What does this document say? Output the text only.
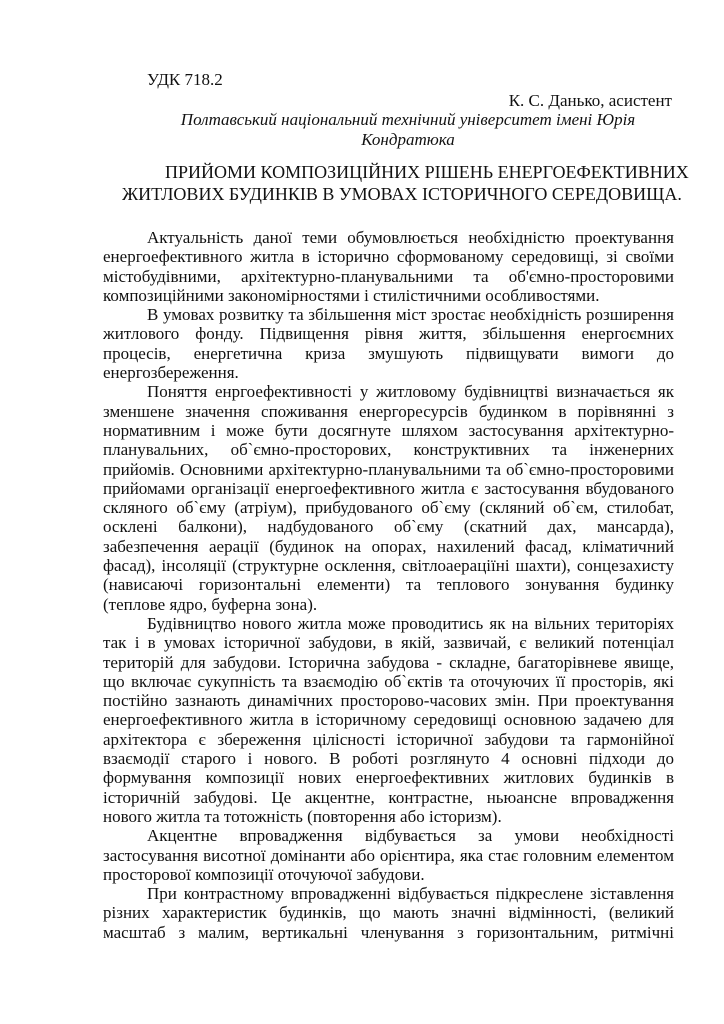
УДК 718.2
К. С. Данько, асистент
Полтавський національний технічний університет імені Юрія
Кондратюка
ПРИЙОМИ КОМПОЗИЦІЙНИХ РІШЕНЬ ЕНЕРГОЕФЕКТИВНИХ
ЖИТЛОВИХ БУДИНКІВ В УМОВАХ ІСТОРИЧНОГО СЕРЕДОВИЩА.
Актуальність даної теми обумовлюється необхідністю проектування
енергоефективного житла в історично сформованому середовищі, зі своїми
містобудівними, архітектурно-планувальними та об'ємно-просторовими
композиційними закономірностями і стилістичними особливостями.
В умовах розвитку та збільшення міст зростає необхідність розширення
житлового фонду. Підвищення рівня життя, збільшення енергоємних
процесів, енергетична криза змушують підвищувати вимоги до
енергозбереження.
Поняття енргоефективності у житловому будівництві визначається як
зменшене значення споживання енергоресурсів будинком в порівнянні з
нормативним і може бути досягнуте шляхом застосування архітектурно-
планувальних, об`ємно-просторових, конструктивних та інженерних
прийомів. Основними архітектурно-планувальними та об`ємно-просторовими
прийомами організації енергоефективного житла є застосування вбудованого
скляного об`єму (атріум), прибудованого об`єму (скляний об`єм, стилобат,
осклені балкони), надбудованого об`єму (скатний дах, мансарда),
забезпечення аерації (будинок на опорах, нахилений фасад, кліматичний
фасад), інсоляції (структурне осклення, світлоаераціїні шахти), сонцезахисту
(нависаючі горизонтальні елементи) та теплового зонування будинку
(теплове ядро, буферна зона).
Будівництво нового житла може проводитись як на вільних територіях
так і в умовах історичної забудови, в якій, зазвичай, є великий потенціал
територій для забудови. Історична забудова - складне, багаторівневе явище,
що включає сукупність та взаємодію об`єктів та оточуючих її просторів, які
постійно зазнають динамічних просторово-часових змін. При проектування
енергоефективного житла в історичному середовищі основною задачею для
архітектора є збереження цілісності історичної забудови та гармонійної
взаємодії старого і нового. В роботі розглянуто 4 основні підходи до
формування композиції нових енергоефективних житлових будинків в
історичній забудові. Це акцентне, контрастне, ньюансне впровадження
нового житла та тотожність (повторення або історизм).
Акцентне впровадження відбувається за умови необхідності
застосування висотної домінанти або орієнтира, яка стає головним елементом
просторової композиції оточуючої забудови.
При контрастному впровадженні відбувається підкреслене зіставлення
різних характеристик будинків, що мають значні відмінності, (великий
масштаб з малим, вертикальні членування з горизонтальним, ритмічні
